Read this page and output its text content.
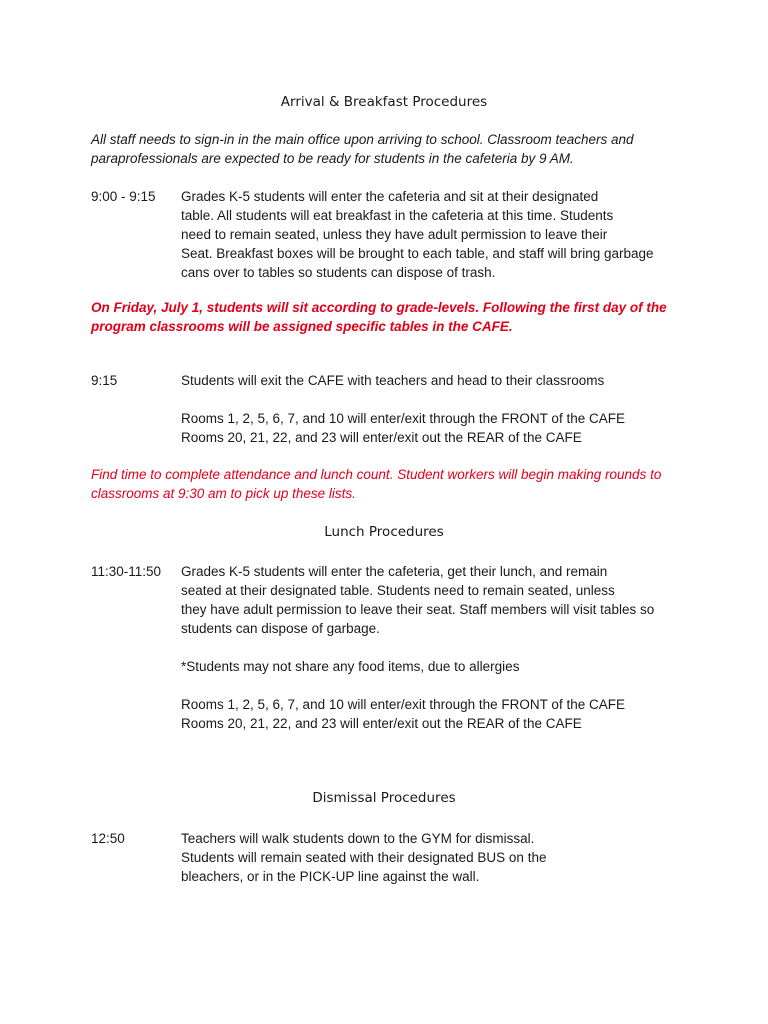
Arrival & Breakfast Procedures

All staff needs to sign-in in the main office upon arriving to school. Classroom teachers and
paraprofessionals are expected to be ready for students in the cafeteria by 9 AM.

9:00 - 9:15 Grades K-5 students will enter the cafeteria and sit at their designated
table. All students will eat breakfast in the cafeteria at this time. Students
need to remain seated, unless they have adult permission to leave their
Seat. Breakfast boxes will be brought to each table, and staff will bring garbage
cans over to tables so students can dispose of trash.

On Friday, July 1, students will sit according to grade-levels. Following the first day of the
program classrooms will be assigned specific tables in the CAFE.

9:15	Students will exit the CAFE with teachers and head to their classrooms
Rooms 1, 2, 5, 6, 7, and 10 will enter/exit through the FRONT of the CAFE
Rooms 20, 21, 22, and 23 will enter/exit out the REAR of the CAFE

Find time to complete attendance and lunch count. Student workers will begin making rounds to
classrooms at 9:30 am to pick up these lists.

Lunch Procedures
11:30-11:50 Grades K-5 students will enter the cafeteria, get their lunch, and remain
seated at their designated table. Students need to remain seated, unless
they have adult permission to leave their seat. Staff members will visit tables so
students can dispose of garbage.
*Students may not share any food items, due to allergies
Rooms 1, 2, 5, 6, 7, and 10 will enter/exit through the FRONT of the CAFE
Rooms 20, 21, 22, and 23 will enter/exit out the REAR of the CAFE
Dismissal Procedures
12:50	Teachers will walk students down to the GYM for dismissal.
Students will remain seated with their designated BUS on the
bleachers, or in the PICK-UP line against the wall.
